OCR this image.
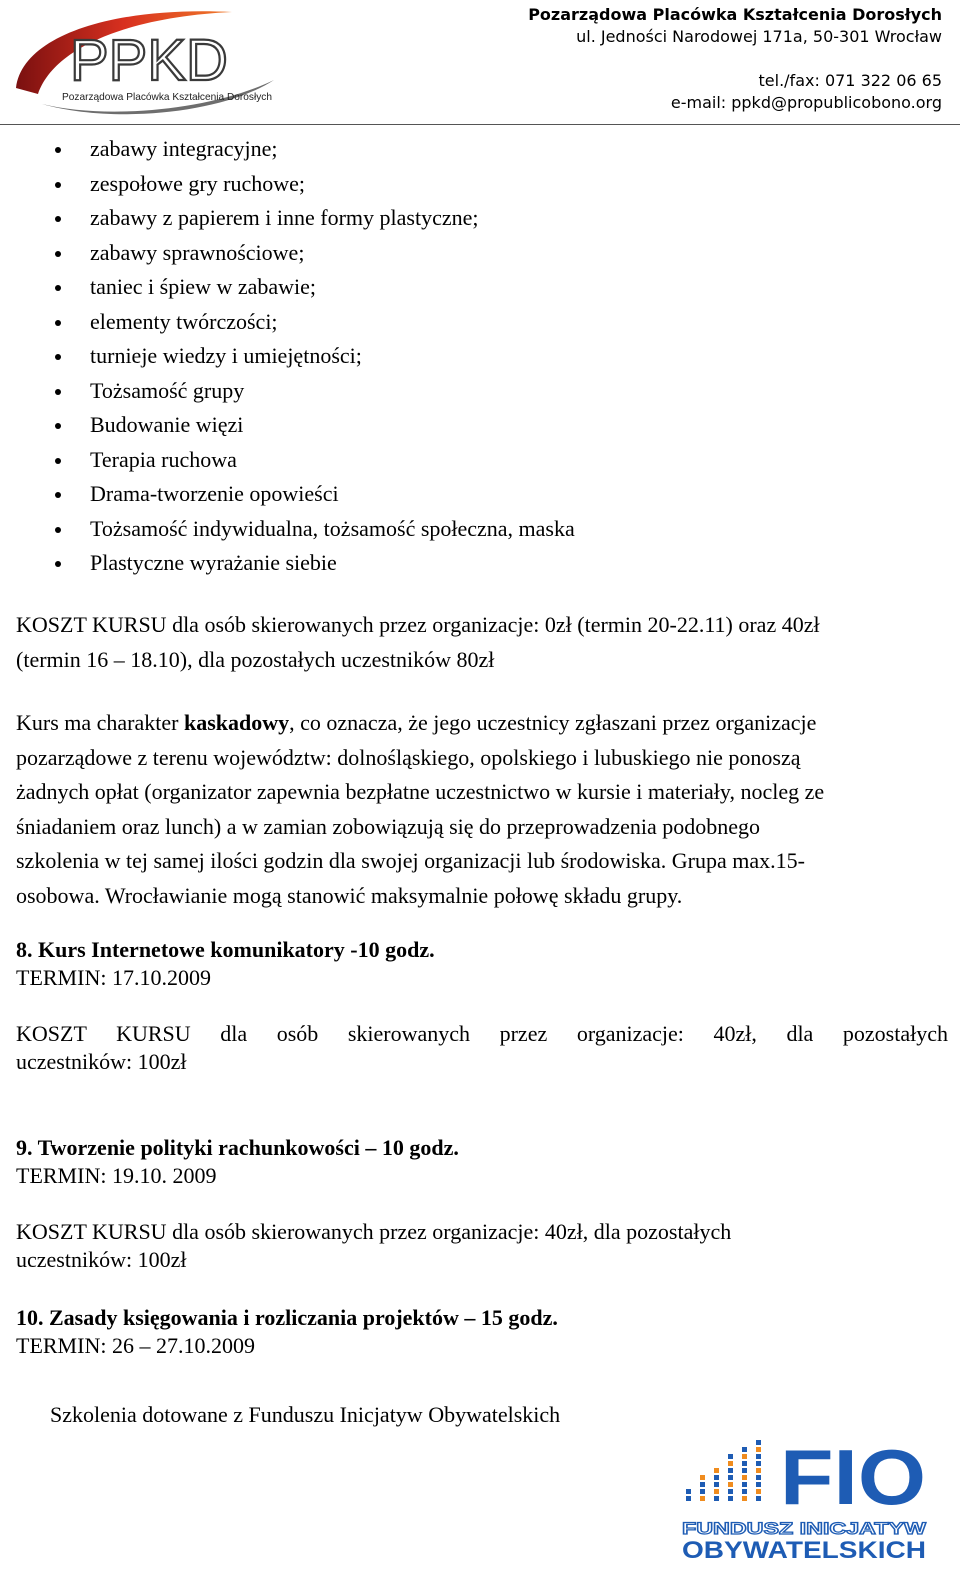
PPKD
Pozarządowa Placówka Kształcenia Dorosłych
Pozarządowa Placówka Kształcenia Dorosłych
ul. Jedności Narodowej 171a, 50-301 Wrocław
tel./fax: 071 322 06 65
e-mail: ppkd@propublicobono.org
zabawy integracyjne;
zespołowe gry ruchowe;
zabawy z papierem i inne formy plastyczne;
zabawy sprawnościowe;
taniec i śpiew w zabawie;
elementy twórczości;
turnieje wiedzy i umiejętności;
Tożsamość grupy
Budowanie więzi
Terapia ruchowa
Drama-tworzenie opowieści
Tożsamość indywidualna, tożsamość społeczna, maska
Plastyczne wyrażanie siebie
KOSZT KURSU dla osób skierowanych przez organizacje: 0zł (termin 20-22.11) oraz 40zł
(termin 16 – 18.10), dla pozostałych uczestników 80zł
Kurs ma charakter kaskadowy, co oznacza, że jego uczestnicy zgłaszani przez organizacje
pozarządowe z terenu województw: dolnośląskiego, opolskiego i lubuskiego nie ponoszą
żadnych opłat (organizator zapewnia bezpłatne uczestnictwo w kursie i materiały, nocleg ze
śniadaniem oraz lunch) a w zamian zobowiązują się do przeprowadzenia podobnego
szkolenia w tej samej ilości godzin dla swojej organizacji lub środowiska. Grupa max.15-
osobowa. Wrocławianie mogą stanowić maksymalnie połowę składu grupy.
8. Kurs Internetowe komunikatory -10 godz.
TERMIN: 17.10.2009
KOSZT KURSU dla osób skierowanych przez organizacje: 40zł, dla pozostałych
uczestników: 100zł
9. Tworzenie polityki rachunkowości – 10 godz.
TERMIN: 19.10. 2009
KOSZT KURSU dla osób skierowanych przez organizacje: 40zł, dla pozostałych
uczestników: 100zł
10. Zasady księgowania i rozliczania projektów – 15 godz.
TERMIN: 26 – 27.10.2009
Szkolenia dotowane z Funduszu Inicjatyw Obywatelskich
FIO
FUNDUSZ INICJATYW
OBYWATELSKICH
